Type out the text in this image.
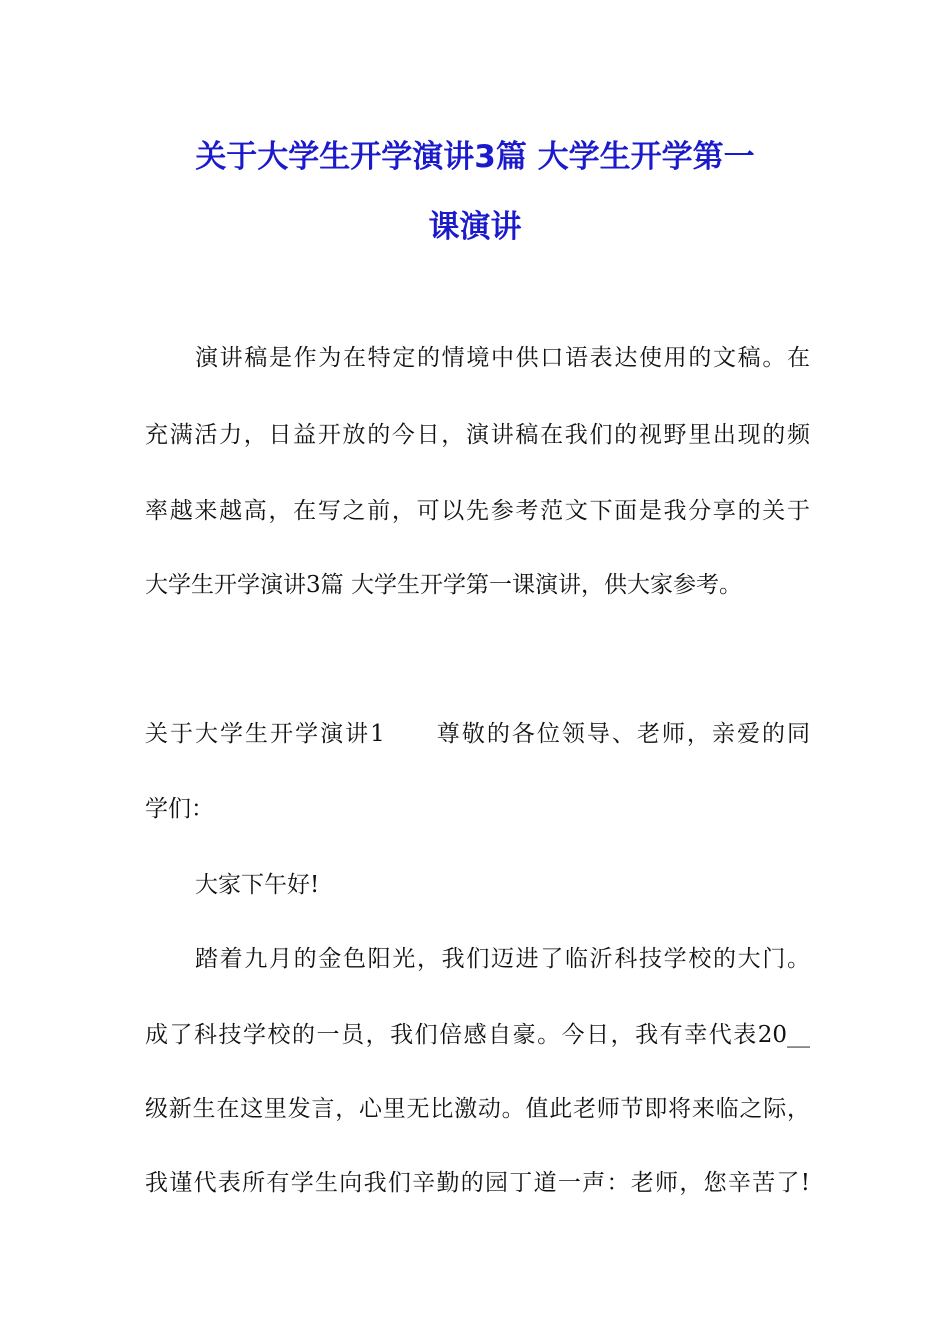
关于大学生开学演讲3篇 大学生开学第一
课演讲
演讲稿是作为在特定的情境中供口语表达使用的文稿。在
充满活力，日益开放的今日，演讲稿在我们的视野里出现的频
率越来越高，在写之前，可以先参考范文下面是我分享的关于
大学生开学演讲3篇 大学生开学第一课演讲，供大家参考。
关于大学生开学演讲1　　尊敬的各位领导、老师，亲爱的同
学们：
大家下午好!
踏着九月的金色阳光，我们迈进了临沂科技学校的大门。
成了科技学校的一员，我们倍感自豪。今日，我有幸代表20__
级新生在这里发言，心里无比激动。值此老师节即将来临之际，
我谨代表所有学生向我们辛勤的园丁道一声：老师，您辛苦了!
